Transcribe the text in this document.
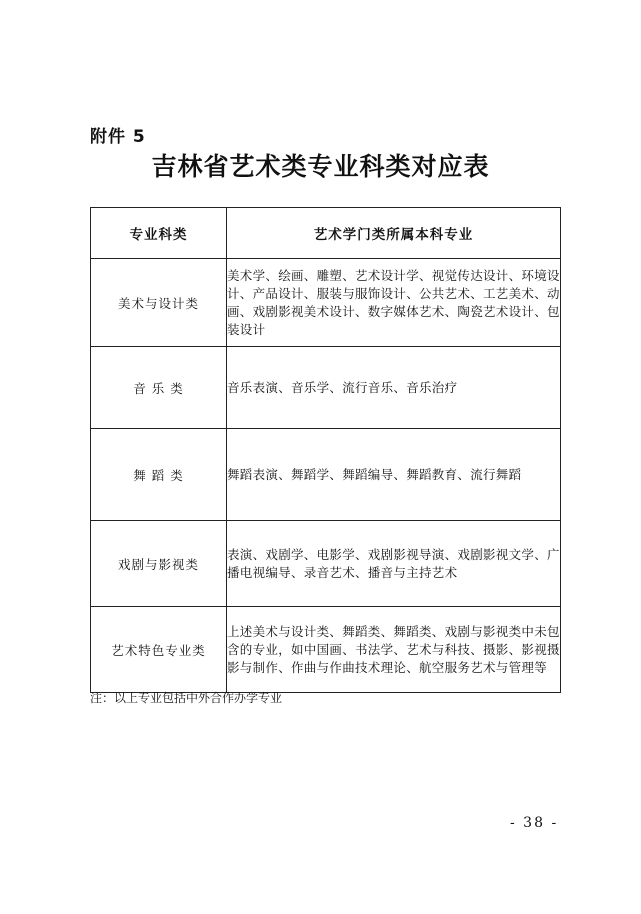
附件 5
吉林省艺术类专业科类对应表
专业科类	艺术学门类所属本科专业
美术与设计类	美术学、绘画、雕塑、艺术设计学、视觉传达设计、环境设计、产品设计、服装与服饰设计、公共艺术、工艺美术、动画、戏剧影视美术设计、数字媒体艺术、陶瓷艺术设计、包装设计
音 乐 类	音乐表演、音乐学、流行音乐、音乐治疗
舞 蹈 类	舞蹈表演、舞蹈学、舞蹈编导、舞蹈教育、流行舞蹈
戏剧与影视类	表演、戏剧学、电影学、戏剧影视导演、戏剧影视文学、广播电视编导、录音艺术、播音与主持艺术
艺术特色专业类	上述美术与设计类、舞蹈类、舞蹈类、戏剧与影视类中未包含的专业，如中国画、书法学、艺术与科技、摄影、影视摄影与制作、作曲与作曲技术理论、航空服务艺术与管理等
注：以上专业包括中外合作办学专业
- 38 -
